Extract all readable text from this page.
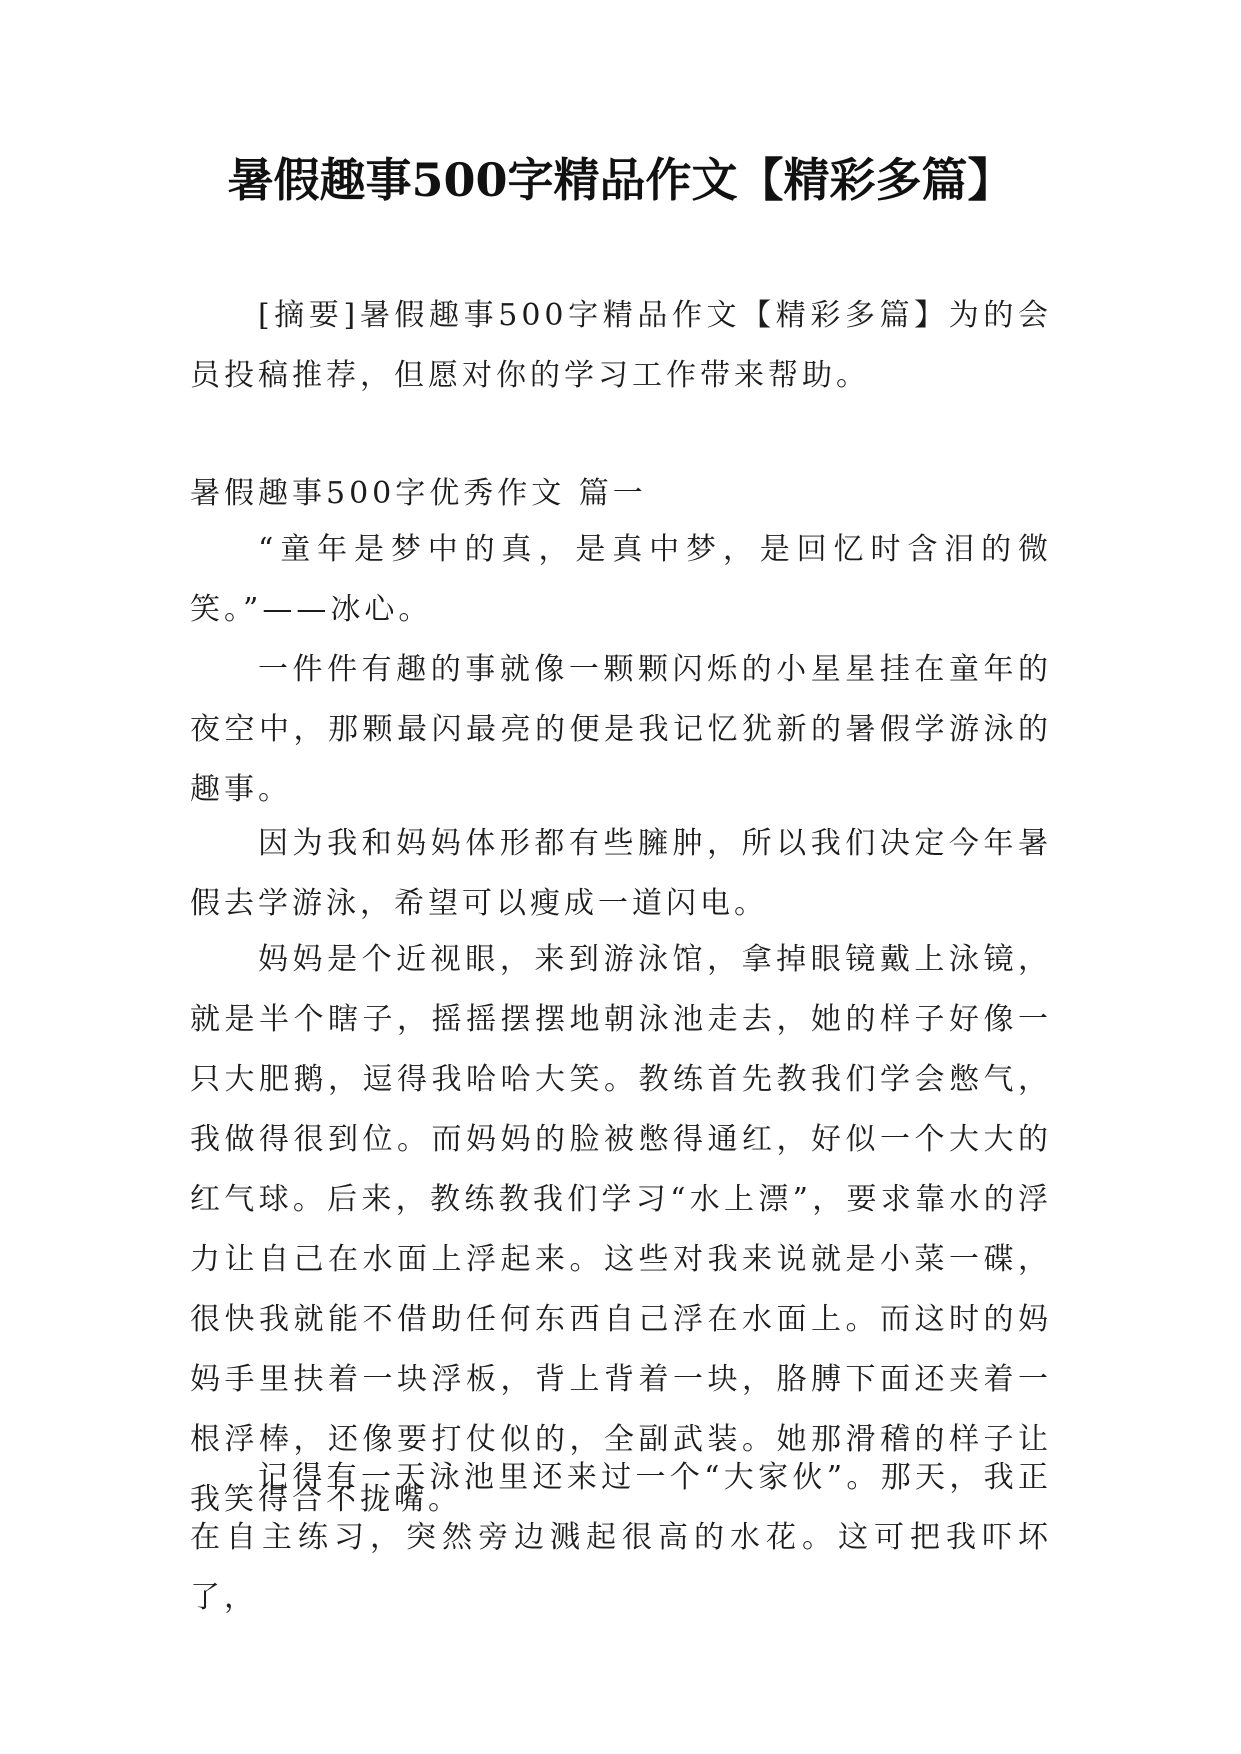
暑假趣事500字精品作文【精彩多篇】

[摘要]暑假趣事500字精品作文【精彩多篇】为的会员投稿推荐，但愿对你的学习工作带来帮助。

暑假趣事500字优秀作文 篇一

“童年是梦中的真，是真中梦，是回忆时含泪的微笑。”——冰心。

一件件有趣的事就像一颗颗闪烁的小星星挂在童年的夜空中，那颗最闪最亮的便是我记忆犹新的暑假学游泳的趣事。

因为我和妈妈体形都有些臃肿，所以我们决定今年暑假去学游泳，希望可以瘦成一道闪电。

妈妈是个近视眼，来到游泳馆，拿掉眼镜戴上泳镜，就是半个瞎子，摇摇摆摆地朝泳池走去，她的样子好像一只大肥鹅，逗得我哈哈大笑。教练首先教我们学会憋气，我做得很到位。而妈妈的脸被憋得通红，好似一个大大的红气球。后来，教练教我们学习“水上漂”，要求靠水的浮力让自己在水面上浮起来。这些对我来说就是小菜一碟，很快我就能不借助任何东西自己浮在水面上。而这时的妈妈手里扶着一块浮板，背上背着一块，胳膊下面还夹着一根浮棒，还像要打仗似的，全副武装。她那滑稽的样子让我笑得合不拢嘴。

记得有一天泳池里还来过一个“大家伙”。那天，我正在自主练习，突然旁边溅起很高的水花。这可把我吓坏了，
